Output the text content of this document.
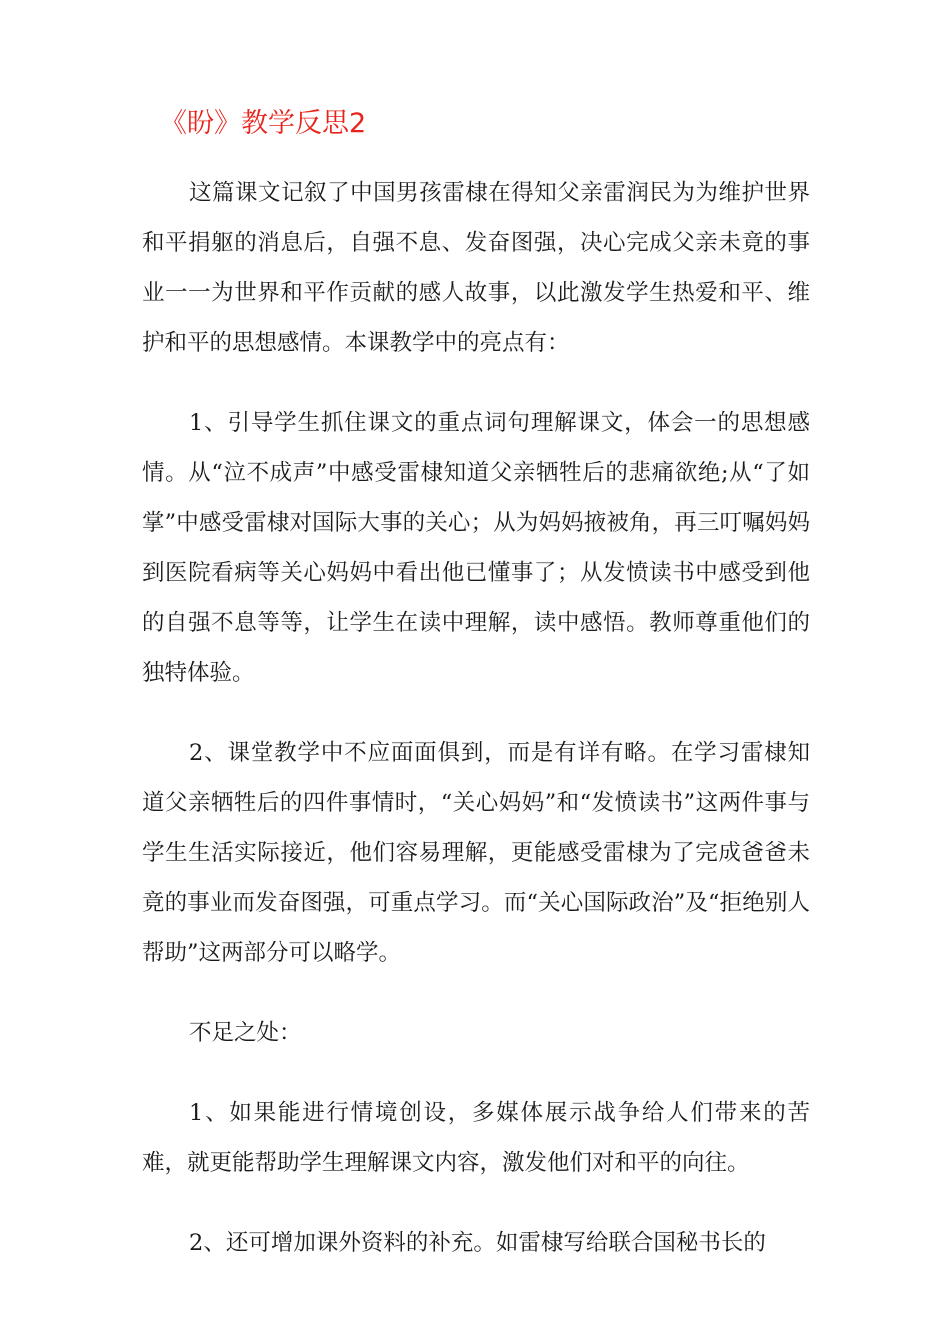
《盼》教学反思2

这篇课文记叙了中国男孩雷棣在得知父亲雷润民为为维护世界和平捐躯的消息后，自强不息、发奋图强，决心完成父亲未竟的事业一一为世界和平作贡献的感人故事，以此激发学生热爱和平、维护和平的思想感情。本课教学中的亮点有：

1、引导学生抓住课文的重点词句理解课文，体会一的思想感情。从“泣不成声”中感受雷棣知道父亲牺牲后的悲痛欲绝;从“了如掌”中感受雷棣对国际大事的关心；从为妈妈掖被角，再三叮嘱妈妈到医院看病等关心妈妈中看出他已懂事了；从发愤读书中感受到他的自强不息等等，让学生在读中理解，读中感悟。教师尊重他们的独特体验。

2、课堂教学中不应面面俱到，而是有详有略。在学习雷棣知道父亲牺牲后的四件事情时，“关心妈妈”和“发愤读书”这两件事与学生生活实际接近，他们容易理解，更能感受雷棣为了完成爸爸未竟的事业而发奋图强，可重点学习。而“关心国际政治”及“拒绝别人帮助”这两部分可以略学。

不足之处：

1、如果能进行情境创设，多媒体展示战争给人们带来的苦难，就更能帮助学生理解课文内容，激发他们对和平的向往。

2、还可增加课外资料的补充。如雷棣写给联合国秘书长的
